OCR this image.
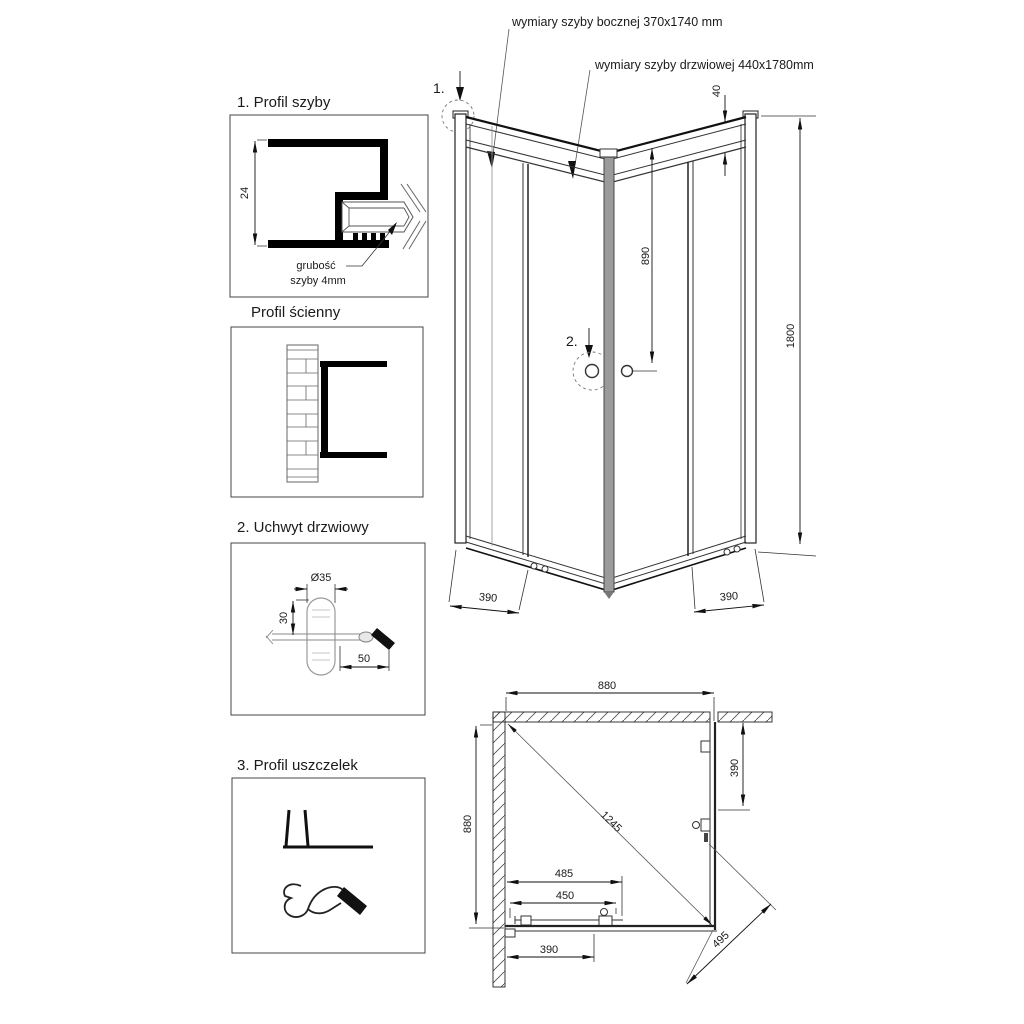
wymiary szyby bocznej 370x1740 mm
wymiary szyby drzwiowej 440x1780mm
1.
2.
1. Profil szyby
Profil ścienny
2. Uchwyt drzwiowy
3. Profil uszczelek
24
grubość
szyby 4mm
Ø35
30
50
40
890
1800
390	390
880
880	1245
390
485
450
390	495
